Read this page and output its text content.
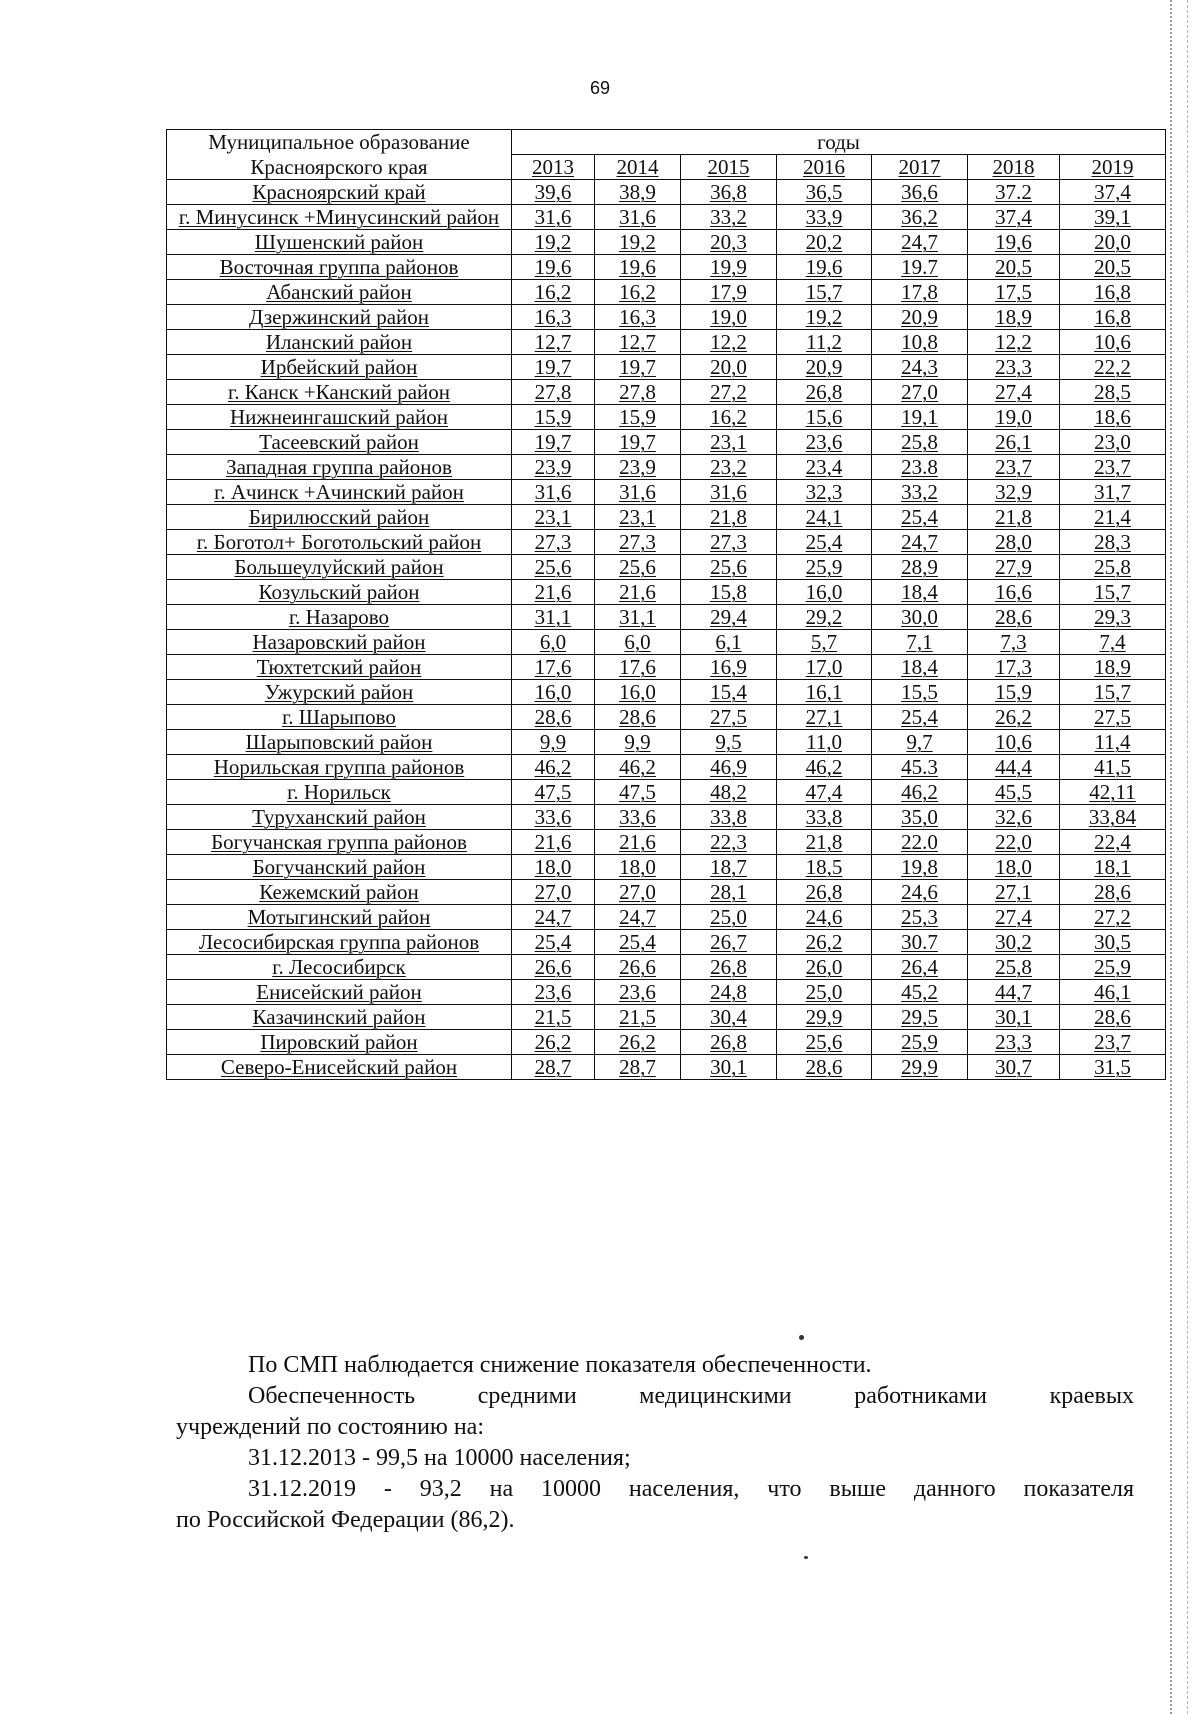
69
Муниципальное образование	годы						
Красноярского края	2013	2014	2015	2016	2017	2018	2019
Красноярский край	39,6	38,9	36,8	36,5	36,6	37.2	37,4
г. Минусинск +Минусинский район	31,6	31,6	33,2	33,9	36,2	37,4	39,1
Шушенский район	19,2	19,2	20,3	20,2	24,7	19,6	20,0
Восточная группа районов	19,6	19,6	19,9	19,6	19.7	20,5	20,5
Абанский район	16,2	16,2	17,9	15,7	17,8	17,5	16,8
Дзержинский район	16,3	16,3	19,0	19,2	20,9	18,9	16,8
Иланский район	12,7	12,7	12,2	11,2	10,8	12,2	10,6
Ирбейский район	19,7	19,7	20,0	20,9	24,3	23,3	22,2
г. Канск +Канский район	27,8	27,8	27,2	26,8	27,0	27,4	28,5
Нижнеингашский район	15,9	15,9	16,2	15,6	19,1	19,0	18,6
Тасеевский район	19,7	19,7	23,1	23,6	25,8	26,1	23,0
Западная группа районов	23,9	23,9	23,2	23,4	23.8	23,7	23,7
г. Ачинск +Ачинский район	31,6	31,6	31,6	32,3	33,2	32,9	31,7
Бирилюсский район	23,1	23,1	21,8	24,1	25,4	21,8	21,4
г. Боготол+ Боготольский район	27,3	27,3	27,3	25,4	24,7	28,0	28,3
Большеулуйский район	25,6	25,6	25,6	25,9	28,9	27,9	25,8
Козульский район	21,6	21,6	15,8	16,0	18,4	16,6	15,7
г. Назарово	31,1	31,1	29,4	29,2	30,0	28,6	29,3
Назаровский район	6,0	6,0	6,1	5,7	7,1	7,3	7,4
Тюхтетский район	17,6	17,6	16,9	17,0	18,4	17,3	18,9
Ужурский район	16,0	16,0	15,4	16,1	15,5	15,9	15,7
г. Шарыпово	28,6	28,6	27,5	27,1	25,4	26,2	27,5
Шарыповский район	9,9	9,9	9,5	11,0	9,7	10,6	11,4
Норильская группа районов	46,2	46,2	46,9	46,2	45.3	44,4	41,5
г. Норильск	47,5	47,5	48,2	47,4	46,2	45,5	42,11
Туруханский район	33,6	33,6	33,8	33,8	35,0	32,6	33,84
Богучанская группа районов	21,6	21,6	22,3	21,8	22.0	22,0	22,4
Богучанский район	18,0	18,0	18,7	18,5	19,8	18,0	18,1
Кежемский район	27,0	27,0	28,1	26,8	24,6	27,1	28,6
Мотыгинский район	24,7	24,7	25,0	24,6	25,3	27,4	27,2
Лесосибирская группа районов	25,4	25,4	26,7	26,2	30.7	30,2	30,5
г. Лесосибирск	26,6	26,6	26,8	26,0	26,4	25,8	25,9
Енисейский район	23,6	23,6	24,8	25,0	45,2	44,7	46,1
Казачинский район	21,5	21,5	30,4	29,9	29,5	30,1	28,6
Пировский район	26,2	26,2	26,8	25,6	25,9	23,3	23,7
Северо-Енисейский район	28,7	28,7	30,1	28,6	29,9	30,7	31,5

По СМП наблюдается снижение показателя обеспеченности.

Обеспеченность средними медицинскими работниками краевых

учреждений по состоянию на:

31.12.2013 - 99,5 на 10000 населения;

31.12.2019 - 93,2 на 10000 населения, что выше данного показателя

по Российской Федерации (86,2).
